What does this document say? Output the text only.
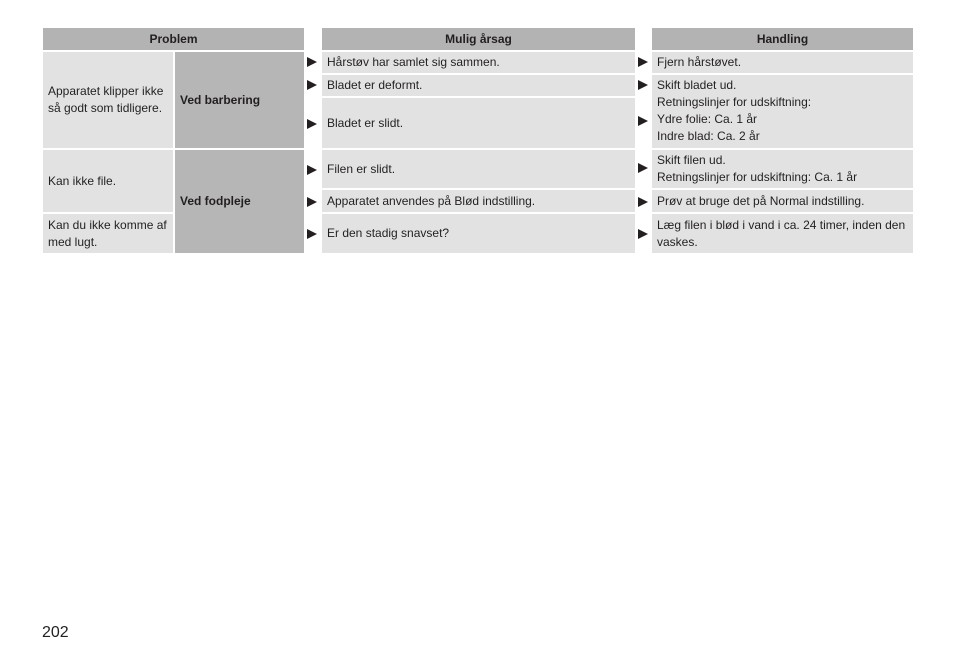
Problem	Mulig årsag	Handling
Apparatet klipper ikke så godt som tidligere.
Kan ikke file.
Kan du ikke komme af med lugt.
Ved barbering
Ved fodpleje
Hårstøv har samlet sig sammen.
Bladet er deformt.
Bladet er slidt.
Filen er slidt.
Apparatet anvendes på Blød indstilling.
Er den stadig snavset?
Fjern hårstøvet.
Skift bladet ud.
Retningslinjer for udskiftning:
Ydre folie: Ca. 1 år
Indre blad: Ca. 2 år
Skift filen ud.
Retningslinjer for udskiftning: Ca. 1 år
Prøv at bruge det på Normal indstilling.
Læg filen i blød i vand i ca. 24 timer, inden den vaskes.
202
